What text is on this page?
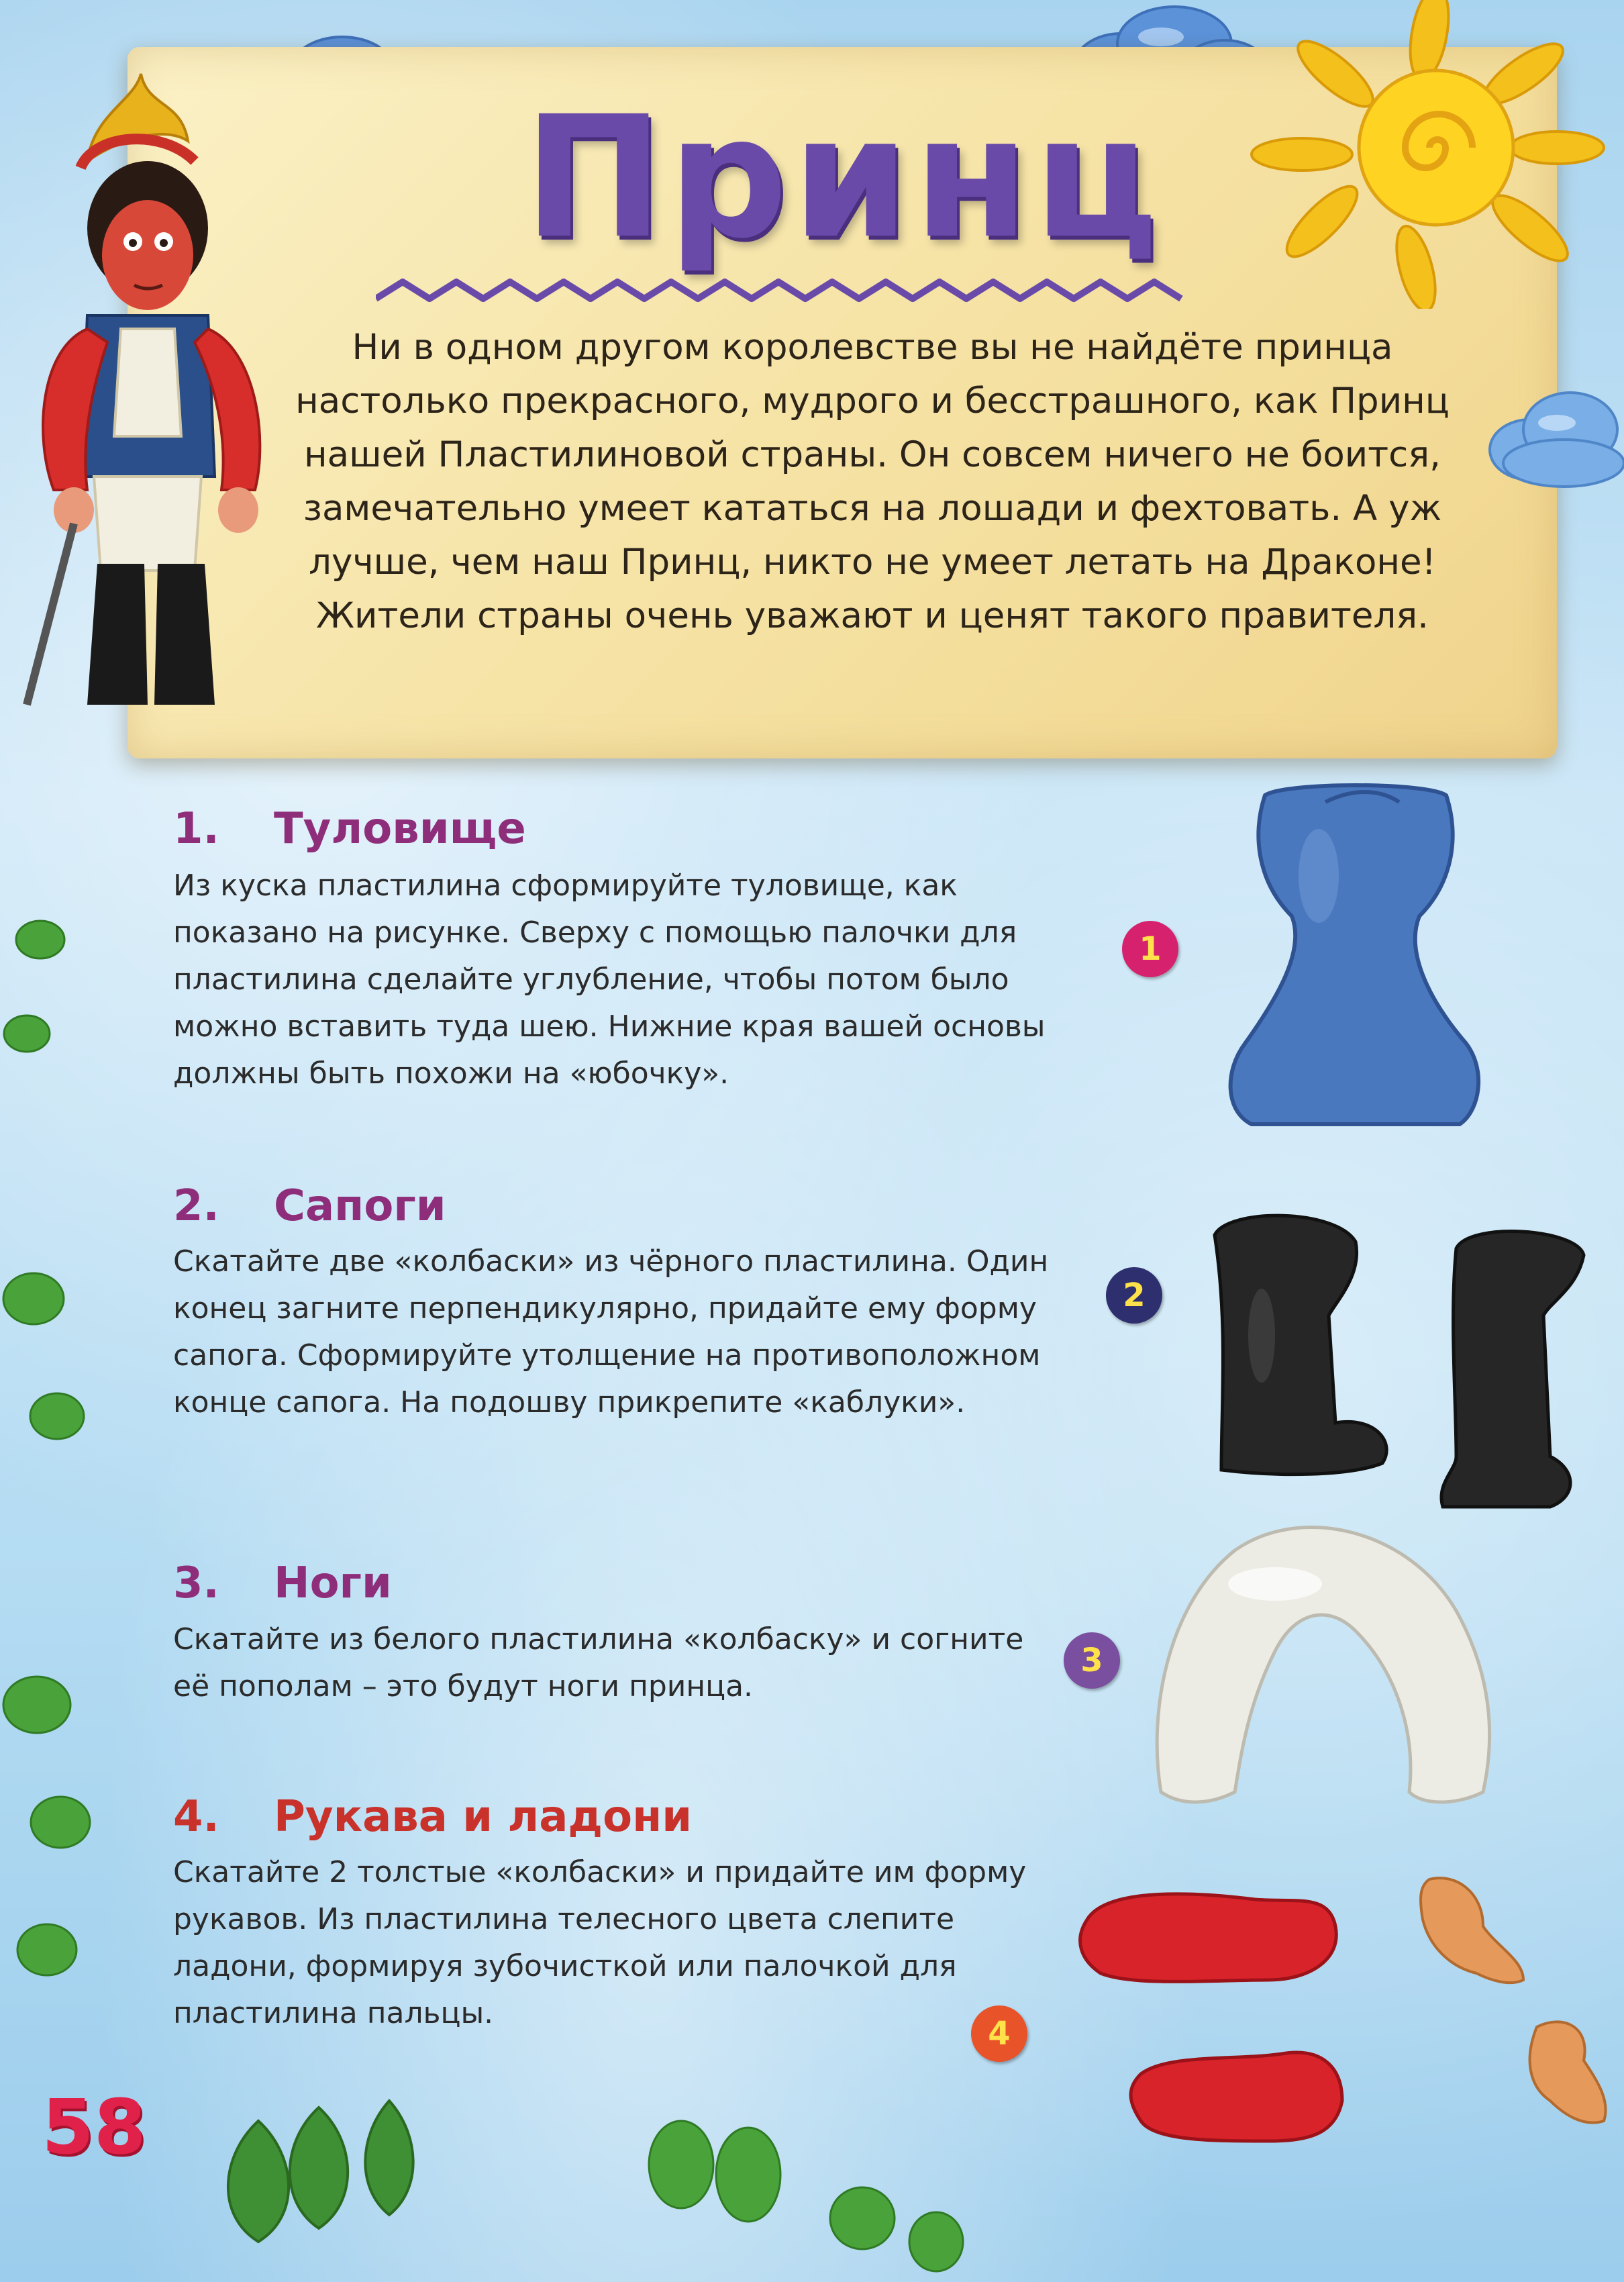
Принц
Ни в одном другом королевстве вы не найдёте принца настолько прекрасного, мудрого и бесстрашного, как Принц нашей Пластилиновой страны. Он совсем ничего не боится, замечательно умеет кататься на лошади и фехтовать. А уж лучше, чем наш Принц, никто не умеет летать на Драконе! Жители страны очень уважают и ценят такого правителя.
1. Туловище
Из куска пластилина сформируйте туловище, как показано на рисунке. Сверху с помощью палочки для пластилина сделайте углубление, чтобы потом было можно вставить туда шею. Нижние края вашей основы должны быть похожи на «юбочку».
1
2. Сапоги
Скатайте две «колбаски» из чёрного пластилина. Один конец загните перпендикулярно, придайте ему форму сапога. Сформируйте утолщение на противоположном конце сапога. На подошву прикрепите «каблуки».
2
3. Ноги
Скатайте из белого пластилина «колбаску» и согните её пополам – это будут ноги принца.
3
4. Рукава и ладони
Скатайте 2 толстые «колбаски» и придайте им форму рукавов. Из пластилина телесного цвета слепите ладони, формируя зубочисткой или палочкой для пластилина пальцы.
4
58
